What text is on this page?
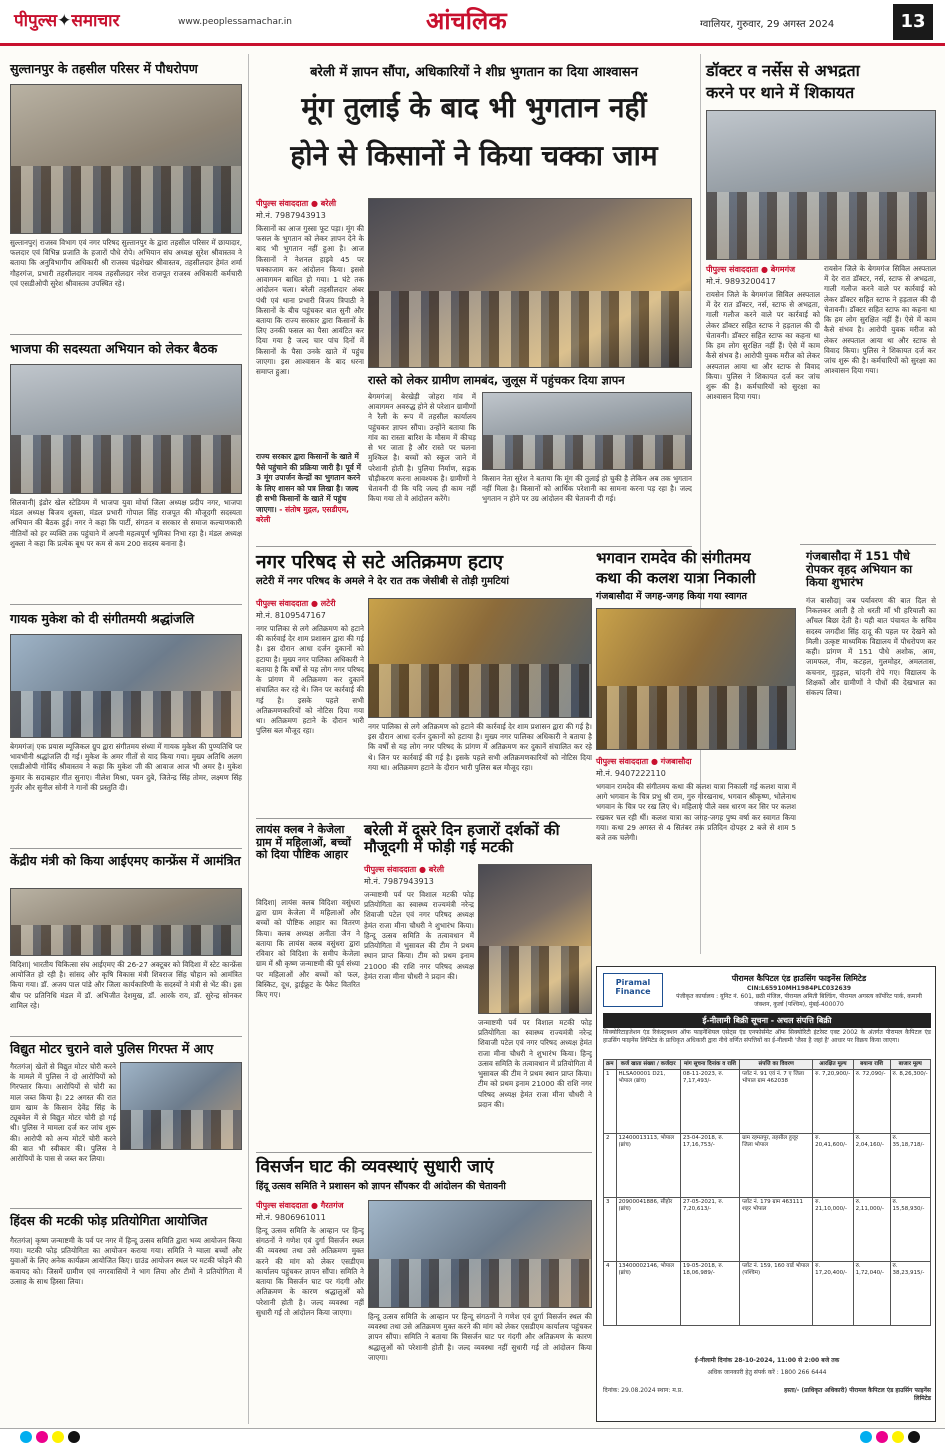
पीपुल्स✦समाचार	www.peoplessamachar.in	आंचलिक	ग्वालियर, गुरुवार, 29 अगस्त 2024	13
सुल्तानपुर के तहसील परिसर में पौधरोपण
सुल्तानपुर| राजस्व विभाग एवं नगर परिषद सुल्तानपुर के द्वारा तहसील परिसर में छायादार, फलदार एवं विभिन्न प्रजाति के हजारों पौधे रोपे। अभियान संघ अध्यक्ष सुरेश श्रीवास्तव ने बताया कि अनुविभागीय अधिकारी श्री राजस्व चंद्रशेखर श्रीवास्तव, तहसीलदार हेमंत शर्मा गौहरगंज, प्रभारी तहसीलदार नायब तहसीलदार नरेश राजपूत राजस्व अधिकारी कर्मचारी एवं एसडीओपी सुरेश श्रीवास्तव उपस्थित रहे।
भाजपा की सदस्यता अभियान को लेकर बैठक
सिलवानी| इंडोर खेल स्टेडियम में भाजपा युवा मोर्चा जिला अध्यक्ष प्रदीप नगर, भाजपा मंडल अध्यक्ष बिजय शुक्ला, मंडल प्रभारी गोपाल सिंह राजपूत की मौजूदगी सदस्यता अभियान की बैठक हुई। नगर ने कहा कि पार्टी, संगठन व सरकार से समाज कल्याणकारी नीतियों को हर व्यक्ति तक पहुंचाने में अपनी महत्वपूर्ण भूमिका निभा रहा है। मंडल अध्यक्ष शुक्ला ने कहा कि प्रत्येक बूथ पर कम से कम 200 सदस्य बनाना है।
गायक मुकेश को दी संगीतमयी श्रद्धांजलि
बेगमगंज| एक प्रयास म्यूजिकल ग्रुप द्वारा संगीतमय संध्या में गायक मुकेश की पुण्यतिथि पर भावभीनी श्रद्धांजलि दी गई। मुकेश के अमर गीतों से याद किया गया। मुख्य अतिथि अलग एसडीओपी गोविंद श्रीवास्तव ने कहा कि मुकेश जी की आवाज आज भी अमर है। मुकेश कुमार के सदाबहार गीत सुनाए। नीलेश मिश्रा, पवन दुबे, जितेन्द्र सिंह तोमर, लक्ष्मण सिंह गुर्जर और सुनील सोनी ने गानों की प्रस्तुति दी।
केंद्रीय मंत्री को किया आईएमए कान्फ्रेंस में आमंत्रित
विदिशा| भारतीय चिकित्सा संघ आईएमए की 26-27 अक्टूबर को विदिशा में स्टेट कान्फ्रेंस आयोजित हो रही है। सांसद और कृषि विकास मंत्री शिवराज सिंह चौहान को आमंत्रित किया गया। डॉ. अजय पाल पांडे और जिला कार्यकारिणी के सदस्यों ने मंत्री से भेंट की। इस बीच पर प्रतिनिधि मंडल में डॉ. अभिजीत देशमुख, डॉ. आरके राय, डॉ. सुरेन्द्र सोनकर शामिल रहे।
विद्युत मोटर चुराने वाले पुलिस गिरफ्त में आए
गैरतगंज| खेतों से विद्युत मोटर चोरी करने के मामले में पुलिस ने दो आरोपियों को गिरफ्तार किया। आरोपियों से चोरी का माल जब्त किया है। 22 अगस्त की रात ग्राम खाम के किसान देवेंद्र सिंह के ट्यूबवेल में से विद्युत मोटर चोरी हो गई थी। पुलिस ने मामला दर्ज कर जांच शुरू की। आरोपी को अन्य मोटरें चोरी करने की बात भी स्वीकार की। पुलिस ने आरोपियों के पास से जब्त कर लिया।
हिंदस की मटकी फोड़ प्रतियोगिता आयोजित
गैरतगंज| कृष्ण जन्माष्टमी के पर्व पर नगर में हिन्दू उत्सव समिति द्वारा भव्य आयोजन किया गया। मटकी फोड़ प्रतियोगिता का आयोजन कराया गया। समिति ने ग्वाला बच्चों और युवाओं के लिए अनेक कार्यक्रम आयोजित किए। ग्राउंड आयोजन स्थल पर मटकी फोड़ने की कवायद को। जिसमें ग्रामीण एवं नगरवासियों ने भाग लिया और टीमों ने प्रतियोगिता में उत्साह के साथ हिस्सा लिया।
बरेली में ज्ञापन सौंपा, अधिकारियों ने शीघ्र भुगतान का दिया आश्वासन
मूंग तुलाई के बाद भी भुगतान नहीं
होने से किसानों ने किया चक्का जाम
पीपुल्स संवाददाता ● बरेली
मो.नं. 7987943913
किसानों का आज गुस्सा फूट पड़ा। मूंग की फसल के भुगतान को लेकर ज्ञापन देने के बाद भी भुगतान नहीं हुआ है। आज किसानों ने नेशनल हाइवे 45 पर चक्काजाम कर आंदोलन किया। इससे आवागमन बाधित हो गया। 1 घंटे तक आंदोलन चला। बरेली तहसीलदार अंबर पंथी एवं थाना प्रभारी विजय त्रिपाठी ने किसानों के बीच पहुंचकर बात सुनी और बताया कि राज्य सरकार द्वारा किसानों के लिए उनकी फसल का पैसा आवंटित कर दिया गया है जल्द चार पांच दिनों में किसानों के पैसा उनके खाते में पहुंच जाएगा। इस आश्वासन के बाद धरना समाप्त हुआ।
राज्य सरकार द्वारा किसानों के खाते में पैसे पहुंचाने की प्रक्रिया जारी है। पूर्व में 3 मूंग उपार्जन केन्द्रों का भुगतान करने के लिए शासन को पत्र लिखा है। जल्द ही सभी किसानों के खाते में पहुंच जाएगा। - संतोष मुद्गल, एसडीएम, बरेली
रास्ते को लेकर ग्रामीण लामबंद, जुलूस में पहुंचकर दिया ज्ञापन
बेगमगंज| बेरखेड़ी जोहरा गांव में आवागमन अवरुद्ध होने से परेशान ग्रामीणों ने रैली के रूप में तहसील कार्यालय पहुंचकर ज्ञापन सौंपा। उन्होंने बताया कि गांव का रास्ता बारिश के मौसम में कीचड़ से भर जाता है और रास्ते पर चलना मुश्किल है। बच्चों को स्कूल जाने में परेशानी होती है। पुलिया निर्माण, सड़क चौड़ीकरण करना आवश्यक है। ग्रामीणों ने चेतावनी दी कि यदि जल्द ही काम नहीं किया गया तो वे आंदोलन करेंगे।
किसान नेता सुरेश ने बताया कि मूंग की तुलाई हो चुकी है लेकिन अब तक भुगतान नहीं मिला है। किसानों को आर्थिक परेशानी का सामना करना पड़ रहा है। जल्द भुगतान न होने पर उग्र आंदोलन की चेतावनी दी गई।
नगर परिषद से सटे अतिक्रमण हटाए
लटेरी में नगर परिषद के अमले ने देर रात तक जेसीबी से तोड़ी गुमटियां
पीपुल्स संवाददाता ● लटेरी
मो.नं. 8109547167
नगर पालिका से लगे अतिक्रमण को हटाने की कार्रवाई देर शाम प्रशासन द्वारा की गई है। इस दौरान आधा दर्जन दुकानों को हटाया है। मुख्य नगर पालिका अधिकारी ने बताया है कि वर्षों से यह लोग नगर परिषद के प्रांगण में अतिक्रमण कर दुकानें संचालित कर रहे थे। जिन पर कार्रवाई की गई है। इसके पहले सभी अतिक्रमणकारियों को नोटिस दिया गया था। अतिक्रमण हटाने के दौरान भारी पुलिस बल मौजूद रहा।
भगवान रामदेव की संगीतमय
कथा की कलश यात्रा निकाली
गंजबासौदा में जगह-जगह किया गया स्वागत
पीपुल्स संवाददाता ● गंजबासौदा
मो.नं. 9407222110
भगवान रामदेव की संगीतमय कथा की कलश यात्रा निकाली गई कलश यात्रा में आगे भगवान के चित्र प्रभु श्री राम, गुरु गोरखनाथ, भगवान श्रीकृष्ण, भोलेनाथ भगवान के चित्र पर रख लिए थे। महिलाएं पीले वस्त्र धारण कर सिर पर कलश रखकर चल रही थीं। कलश यात्रा का जगह-जगह पुष्प वर्षा कर स्वागत किया गया। कथा 29 अगस्त से 4 सितंबर तक प्रतिदिन दोपहर 2 बजे से शाम 5 बजे तक चलेगी।
नगर पालिका से लगे अतिक्रमण को हटाने की कार्रवाई देर शाम प्रशासन द्वारा की गई है। इस दौरान आधा दर्जन दुकानों को हटाया है। मुख्य नगर पालिका अधिकारी ने बताया है कि वर्षों से यह लोग नगर परिषद के प्रांगण में अतिक्रमण कर दुकानें संचालित कर रहे थे। जिन पर कार्रवाई की गई है। इसके पहले सभी अतिक्रमणकारियों को नोटिस दिया गया था। अतिक्रमण हटाने के दौरान भारी पुलिस बल मौजूद रहा।
लायंस क्लब ने केजेला ग्राम में महिलाओं, बच्चों को दिया पौष्टिक आहार
विदिशा| लायंस क्लब विदिशा वसुंधरा द्वारा ग्राम केजेला में महिलाओं और बच्चों को पौष्टिक आहार का वितरण किया। क्लब अध्यक्ष अनीता जैन ने बताया कि लायंस क्लब वसुंधरा द्वारा रविवार को विदिशा के समीप केजेला ग्राम में श्री कृष्ण जन्माष्टमी की पूर्व संध्या पर महिलाओं और बच्चों को फल, बिस्किट, दूध, ड्राईफ्रूट के पैकेट वितरित किए गए।
बरेली में दूसरे दिन हजारों दर्शकों की मौजूदगी में फोड़ी गई मटकी
पीपुल्स संवाददाता ● बरेली
मो.नं. 7987943913
जन्माष्टमी पर्व पर विशाल मटकी फोड़ प्रतियोगिता का स्वास्थ्य राज्यमंत्री नरेन्द्र शिवाजी पटेल एवं नगर परिषद अध्यक्ष हेमंत राजा मीना चौधरी ने शुभारंभ किया। हिन्दू उत्सव समिति के तत्वावधान में प्रतियोगिता में भुसावल की टीम ने प्रथम स्थान प्राप्त किया। टीम को प्रथम इनाम 21000 की राशि नगर परिषद अध्यक्ष हेमंत राजा मीना चौधरी ने प्रदान की।
जन्माष्टमी पर्व पर विशाल मटकी फोड़ प्रतियोगिता का स्वास्थ्य राज्यमंत्री नरेन्द्र शिवाजी पटेल एवं नगर परिषद अध्यक्ष हेमंत राजा मीना चौधरी ने शुभारंभ किया। हिन्दू उत्सव समिति के तत्वावधान में प्रतियोगिता में भुसावल की टीम ने प्रथम स्थान प्राप्त किया। टीम को प्रथम इनाम 21000 की राशि नगर परिषद अध्यक्ष हेमंत राजा मीना चौधरी ने प्रदान की।
विसर्जन घाट की व्यवस्थाएं सुधारी जाएं
हिंदू उत्सव समिति ने प्रशासन को ज्ञापन सौंपकर दी आंदोलन की चेतावनी
पीपुल्स संवाददाता ● गैरतगंज
मो.नं. 9806961011
हिन्दू उत्सव समिति के आव्हान पर हिन्दू संगठनों ने गणेश एवं दुर्गा विसर्जन स्थल की व्यवस्था तथा उसे अतिक्रमण मुक्त करने की मांग को लेकर एसडीएम कार्यालय पहुंचकर ज्ञापन सौंपा। समिति ने बताया कि विसर्जन घाट पर गंदगी और अतिक्रमण के कारण श्रद्धालुओं को परेशानी होती है। जल्द व्यवस्था नहीं सुधारी गई तो आंदोलन किया जाएगा।	हिन्दू उत्सव समिति के आव्हान पर हिन्दू संगठनों ने गणेश एवं दुर्गा विसर्जन स्थल की व्यवस्था तथा उसे अतिक्रमण मुक्त करने की मांग को लेकर एसडीएम कार्यालय पहुंचकर ज्ञापन सौंपा। समिति ने बताया कि विसर्जन घाट पर गंदगी और अतिक्रमण के कारण श्रद्धालुओं को परेशानी होती है। जल्द व्यवस्था नहीं सुधारी गई तो आंदोलन किया जाएगा।
डॉक्टर व नर्सेस से अभद्रता
करने पर थाने में शिकायत
पीपुल्स संवाददाता ● बेगमगंज
मो.नं. 9893200417
रायसेन जिले के बेगमगंज सिविल अस्पताल में देर रात डॉक्टर, नर्स, स्टाफ से अभद्रता, गाली गलौज करने वाले पर कार्रवाई को लेकर डॉक्टर सहित स्टाफ ने हड़ताल की दी चेतावनी। डॉक्टर सहित स्टाफ का कहना था कि हम लोग सुरक्षित नहीं हैं। ऐसे में काम कैसे संभव है। आरोपी युवक मरीज को लेकर अस्पताल आया था और स्टाफ से विवाद किया। पुलिस ने शिकायत दर्ज कर जांच शुरू की है। कर्मचारियों को सुरक्षा का आश्वासन दिया गया।
रायसेन जिले के बेगमगंज सिविल अस्पताल में देर रात डॉक्टर, नर्स, स्टाफ से अभद्रता, गाली गलौज करने वाले पर कार्रवाई को लेकर डॉक्टर सहित स्टाफ ने हड़ताल की दी चेतावनी। डॉक्टर सहित स्टाफ का कहना था कि हम लोग सुरक्षित नहीं हैं। ऐसे में काम कैसे संभव है। आरोपी युवक मरीज को लेकर अस्पताल आया था और स्टाफ से विवाद किया। पुलिस ने शिकायत दर्ज कर जांच शुरू की है। कर्मचारियों को सुरक्षा का आश्वासन दिया गया।
गंजबासौदा में 151 पौधे रोपकर वृहद अभियान का किया शुभारंभ
गंज बासौदा| जब पर्यावरण की बात दिल से निकलकर आती है तो धरती माँ भी हरियाली का आँचल बिछा देती है। यही बात पंचायत के सचिव सदस्य जगदीश सिंह दादू की पहल पर देखने को मिली। उत्कृष्ट माध्यमिक विद्यालय में पौधरोपण कर कही। प्रांगण में 151 पौधे अशोक, आम, जामफल, नीम, कटहल, गुलमोहर, अमलतास, कचनार, गुड़हल, चांदनी रोपे गए। विद्यालय के शिक्षकों और ग्रामीणों ने पौधों की देखभाल का संकल्प लिया।
Piramal Finance
पीरामल कैपिटल एंड हाउसिंग फाइनेंस लिमिटेड
CIN:L65910MH1984PLC032639
पंजीकृत कार्यालय : यूनिट नं. 601, छठी मंजिल, पीरामल अमिती बिल्डिंग, पीरामल अगस्त्य कॉर्पोरेट पार्क, कमानी जंक्शन, कुर्ला (पश्चिम), मुंबई-400070
ई-नीलामी बिक्री सूचना - अचल संपत्ति बिक्री
सिक्योरिटाइजेशन एंड रिकंस्ट्रक्शन ऑफ फाइनेंशियल एसेट्स एंड एनफोर्समेंट ऑफ सिक्योरिटी इंटरेस्ट एक्ट 2002 के अंतर्गत पीरामल कैपिटल एंड हाउसिंग फाइनेंस लिमिटेड के प्राधिकृत अधिकारी द्वारा नीचे वर्णित संपत्तियों का ई-नीलामी 'जैसा है जहां है' आधार पर विक्रय किया जाएगा।
क्रम	कर्ज खाता संख्या / कर्जदार	मांग सूचना दिनांक व राशि	संपत्ति का विवरण	आरक्षित मूल्य	बयाना राशि	बाजार मूल्य
1	HLSA00001 D21, भोपाल (ब्रांच)	08-11-2023, रु. 7,17,493/-	प्लॉट नं. 91 एवं नं. 7 ए जिला भोपाल ग्राम 462038	रु. 7,20,900/-	रु. 72,090/-	रु. 8,26,300/-
2	12400013113, भोपाल (ब्रांच)	23-04-2018, रु. 17,16,753/-	ग्राम रहमतपुर, तहसील हुजूर जिला भोपाल	रु. 20,41,600/-	रु. 2,04,160/-	रु. 35,18,718/-
3	20900041886, सीहोर (ब्रांच)	27-05-2021, रु. 7,20,613/-	प्लॉट नं. 179 ग्राम 463111 शहर भोपाल	रु. 21,10,000/-	रु. 2,11,000/-	रु. 15,58,930/-
4	13400002146, भोपाल (ब्रांच)	19-05-2018, रु. 18,06,989/-	प्लॉट नं. 159, 160 वार्ड भोपाल (पश्चिम)	रु. 17,20,400/-	रु. 1,72,040/-	रु. 38,23,915/-
ई-नीलामी दिनांक 28-10-2024, 11:00 से 2:00 बजे तक
अधिक जानकारी हेतु संपर्क करें : 1800 266 6444
दिनांक: 29.08.2024 स्थान: म.प्र.	हस्ता/- (प्राधिकृत अधिकारी) पीरामल कैपिटल एंड हाउसिंग फाइनेंस लिमिटेड
